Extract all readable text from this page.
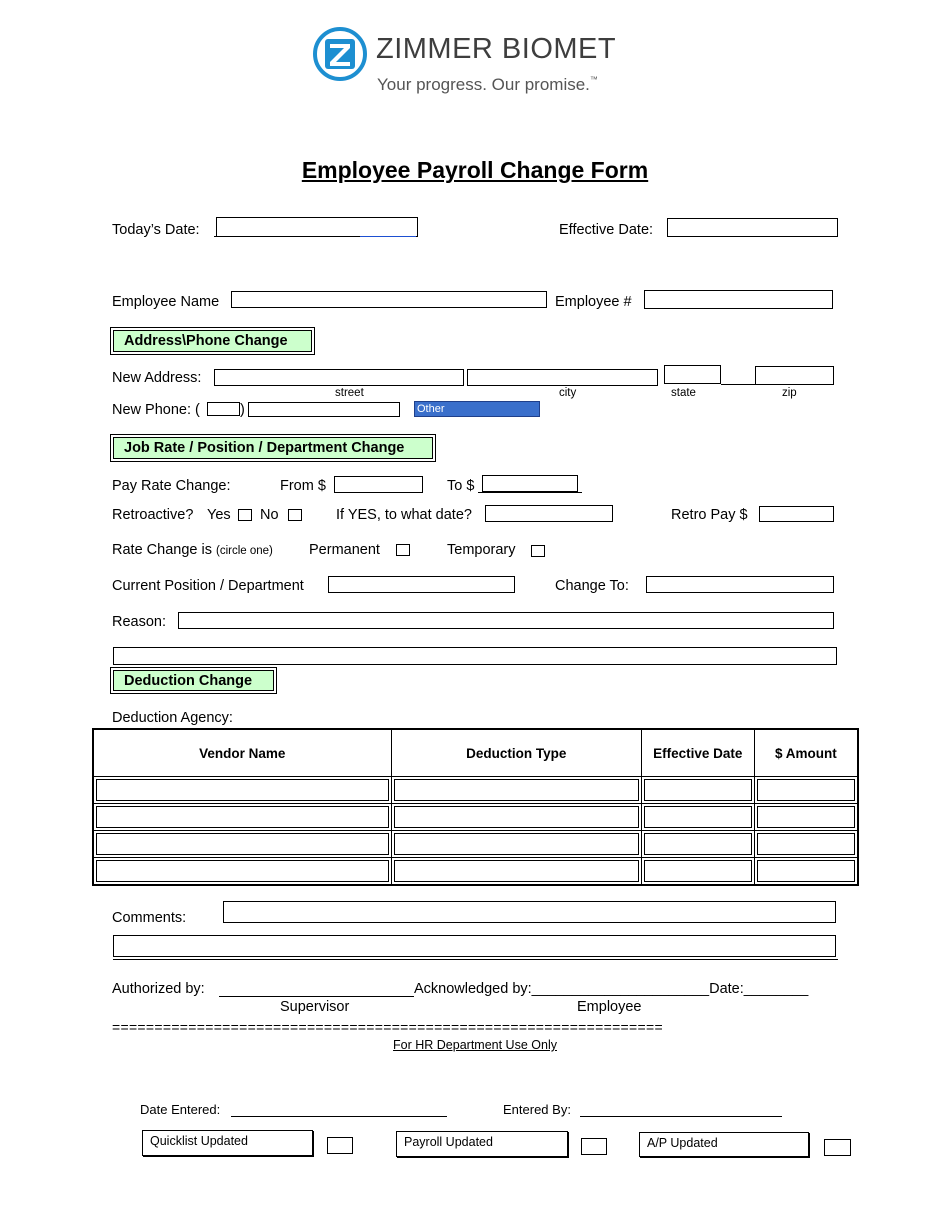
ZIMMER BIOMET
Your progress. Our promise.™
Employee Payroll Change Form
Today’s Date:	Effective Date:
Employee Name	Employee #
Address\Phone Change
New Address:
street	city	state	zip
New Phone: (	)	Other
Job Rate / Position / Department Change
Pay Rate Change:	From $	To $
Retroactive? Yes No	If YES, to what date?	Retro Pay $
Rate Change is (circle one) Permanent	Temporary
Current Position / Department	Change To:
Reason:
Deduction Change
Deduction Agency:
Vendor Name	Deduction Type	Effective Date	$ Amount

Comments:
Authorized by:	Acknowledged by:______________________Date:________
Supervisor	Employee
=================================================================
For HR Department Use Only
Date Entered:	Entered By:
Quicklist Updated	Payroll Updated	A/P Updated
